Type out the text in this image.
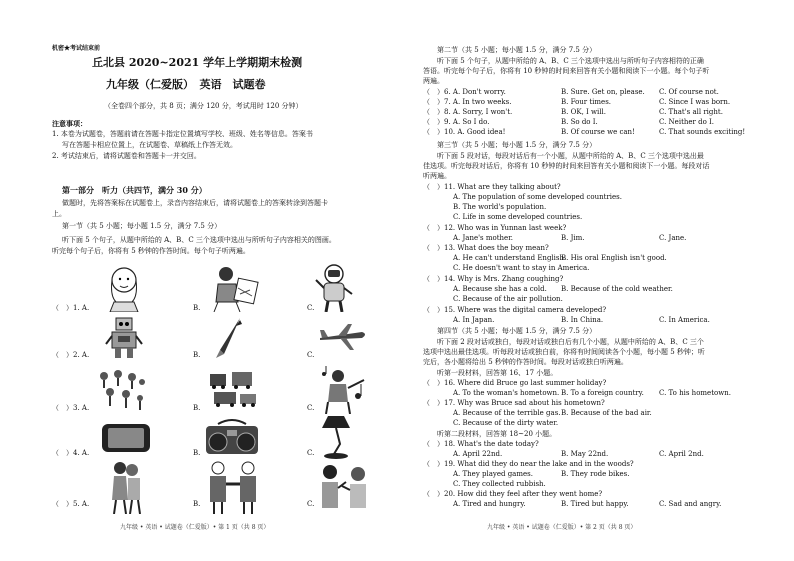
机密★考试结束前
丘北县 2020~2021 学年上学期期末检测
九年级（仁爱版）　英语　试题卷
（全卷四个部分，共 8 页；满分 120 分，考试用时 120 分钟）
注意事项：
1. 本卷为试题卷，答题前请在答题卡指定位置填写学校、班级、姓名等信息。答案书
写在答题卡相应位置上，在试题卷、草稿纸上作答无效。
2. 考试结束后，请将试题卷和答题卡一并交回。
第一部分　听力（共四节，满分 30 分）
做题时，先将答案标在试题卷上，录音内容结束后，请将试题卷上的答案转涂到答题卡
上。
第一节（共 5 小题；每小题 1.5 分，满分 7.5 分）
听下面 5 个句子，从题中所给的 A、B、C 三个选项中选出与所听句子内容相关的图画。
听完每个句子后，你将有 5 秒钟的作答时间。每个句子听两遍。
（　）1. A.	B.	C.
（　）2. A.	B.	C.
（　）3. A.	B.	C.
（　）4. A.	B.	C.
（　）5. A.	B.	C.
九年级 • 英语 • 试题卷（仁爱版）• 第 1 页（共 8 页）
第二节（共 5 小题；每小题 1.5 分，满分 7.5 分）
听下面 5 个句子，从题中所给的 A、B、C 三个选项中选出与所听句子内容相符的正确
答语。听完每个句子后，你将有 10 秒钟的时间来回答有关小题和阅读下一小题。每个句子听
两遍。
（　）6. A. Don't worry.	B. Sure. Get on, please. C. Of course not.
（　）7. A. In two weeks.	B. Four times.	C. Since I was born.
（　）8. A. Sorry, I won't.	B. OK, I will.	C. That's all right.
（　）9. A. So I do.	B. So do I.	C. Neither do I.
（　）10. A. Good idea!	B. Of course we can!	C. That sounds exciting!
第三节（共 5 小题；每小题 1.5 分，满分 7.5 分）
听下面 5 段对话，每段对话后有一个小题，从题中所给的 A、B、C 三个选项中选出最
佳选项。听完每段对话后，你将有 10 秒钟的时间来回答有关小题和阅读下一小题。每段对话
听两遍。
（　）11. What are they talking about?
A. The population of some developed countries.
B. The world's population.
C. Life in some developed countries.
（　）12. Who was in Yunnan last week?
A. Jane's mother.	B. Jim.	C. Jane.
（　）13. What does the boy mean?
A. He can't understand English.
B. His oral English isn't good.
C. He doesn't want to stay in America.
（　）14. Why is Mrs. Zhang coughing?
A. Because she has a cold. B. Because of the cold weather.
C. Because of the air pollution.
（　）15. Where was the digital camera developed?
A. In Japan.	B. In China.	C. In America.
第四节（共 5 小题；每小题 1.5 分，满分 7.5 分）
听下面 2 段对话或独白，每段对话或独白后有几个小题，从题中所给的 A、B、C 三个
选项中选出最佳选项。听每段对话或独白前，你将有时间阅读各个小题，每小题 5 秒钟；听
完后，各小题将给出 5 秒钟的作答时间。每段对话或独白听两遍。
听第一段材料，回答第 16、17 小题。
（　）16. Where did Bruce go last summer holiday?
A. To the woman's hometown. B. To a foreign country. C. To his hometown.
（　）17. Why was Bruce sad about his hometown?
A. Because of the terrible gas. B. Because of the bad air.
C. Because of the dirty water.
听第二段材料，回答第 18~20 小题。
（　）18. What's the date today?
A. April 22nd.	B. May 22nd.	C. April 2nd.
（　）19. What did they do near the lake and in the woods?
A. They played games.	B. They rode bikes.
C. They collected rubbish.
（　）20. How did they feel after they went home?
A. Tired and hungry.	B. Tired but happy.	C. Sad and angry.
九年级 • 英语 • 试题卷（仁爱版）• 第 2 页（共 8 页）
